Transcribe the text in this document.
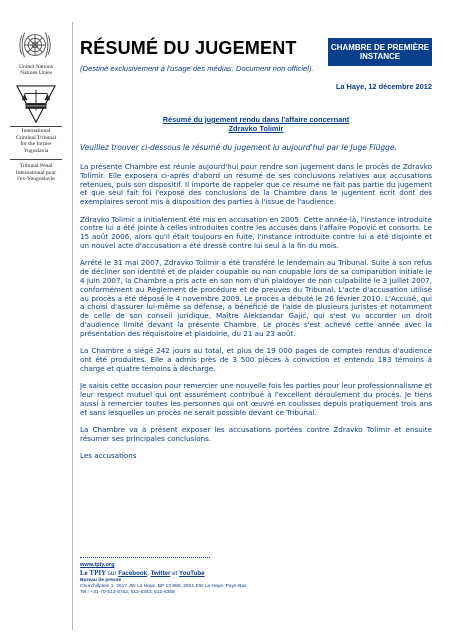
United Nations
Nations Unies
International
Criminal Tribunal
for the former
Yugoslavia
Tribunal Pénal
International pour
l'ex-Yougoslavie
RÉSUMÉ DU JUGEMENT	CHAMBRE DE PREMIÈRE
INSTANCE
(Destiné exclusivement à l'usage des médias. Document non officiel).
La Haye, 12 décembre 2012
Résumé du jugement rendu dans l'affaire concernant
Zdravko Tolimir
Veuillez trouver ci-dessous le résumé du jugement lu aujourd'hui par le Juge Flügge.

La présente Chambre est réunie aujourd'hui pour rendre son jugement dans le procès de Zdravko Tolimir. Elle exposera ci-après d'abord un résumé de ses conclusions relatives aux accusations retenues, puis son dispositif. Il importe de rappeler que ce résumé ne fait pas partie du jugement et que seul fait foi l'exposé des conclusions de la Chambre dans le jugement écrit dont des exemplaires seront mis à disposition des parties à l'issue de l'audience.

Zdravko Tolimir a initialement été mis en accusation en 2005. Cette année-là, l'instance introduite contre lui a été jointe à celles introduites contre les accusés dans l'affaire Popović et consorts. Le 15 août 2006, alors qu'il était toujours en fuite, l'instance introduite contre lui a été disjointe et un nouvel acte d'accusation a été dressé contre lui seul à la fin du mois.

Arrêté le 31 mai 2007, Zdravko Tolimir a été transféré le lendemain au Tribunal. Suite à son refus de décliner son identité et de plaider coupable ou non coupable lors de sa comparution initiale le 4 juin 2007, la Chambre a pris acte en son nom d'un plaidoyer de non culpabilité le 3 juillet 2007, conformément au Règlement de procédure et de preuves du Tribunal. L'acte d'accusation utilisé au procès a été déposé le 4 novembre 2009. Le procès a débuté le 26 février 2010. L'Accusé, qui a choisi d'assurer lui-même sa défense, a bénéficié de l'aide de plusieurs juristes et notamment de celle de son conseil juridique, Maître Aleksandar Gajić, qui s'est vu accorder un droit d'audience limité devant la présente Chambre. Le procès s'est achevé cette année avec la présentation des réquisitoire et plaidoirie, du 21 au 23 août.

La Chambre a siégé 242 jours au total, et plus de 19 000 pages de comptes rendus d'audience ont été produites. Elle a admis près de 3 500 pièces à conviction et entendu 183 témoins à charge et quatre témoins à décharge.

Je saisis cette occasion pour remercier une nouvelle fois les parties pour leur professionnalisme et leur respect mutuel qui ont assurément contribué à l'excellent déroulement du procès. Je tiens aussi à remercier toutes les personnes qui ont œuvré en coulisses depuis pratiquement trois ans et sans lesquelles un procès ne serait possible devant ce Tribunal.

La Chambre va à présent exposer les accusations portées contre Zdravko Tolimir et ensuite résumer ses principales conclusions.

Les accusations

www.tpiy.org
Le TPIY sur Facebook, Twitter et YouTube
Bureau de presse
Churchillplein 1, 2517 JW La Haye. BP 13 888, 2501 EW La Haye. Pays-Bas
Tel.: +31-70-512-8752; 512-5343; 512-5356
